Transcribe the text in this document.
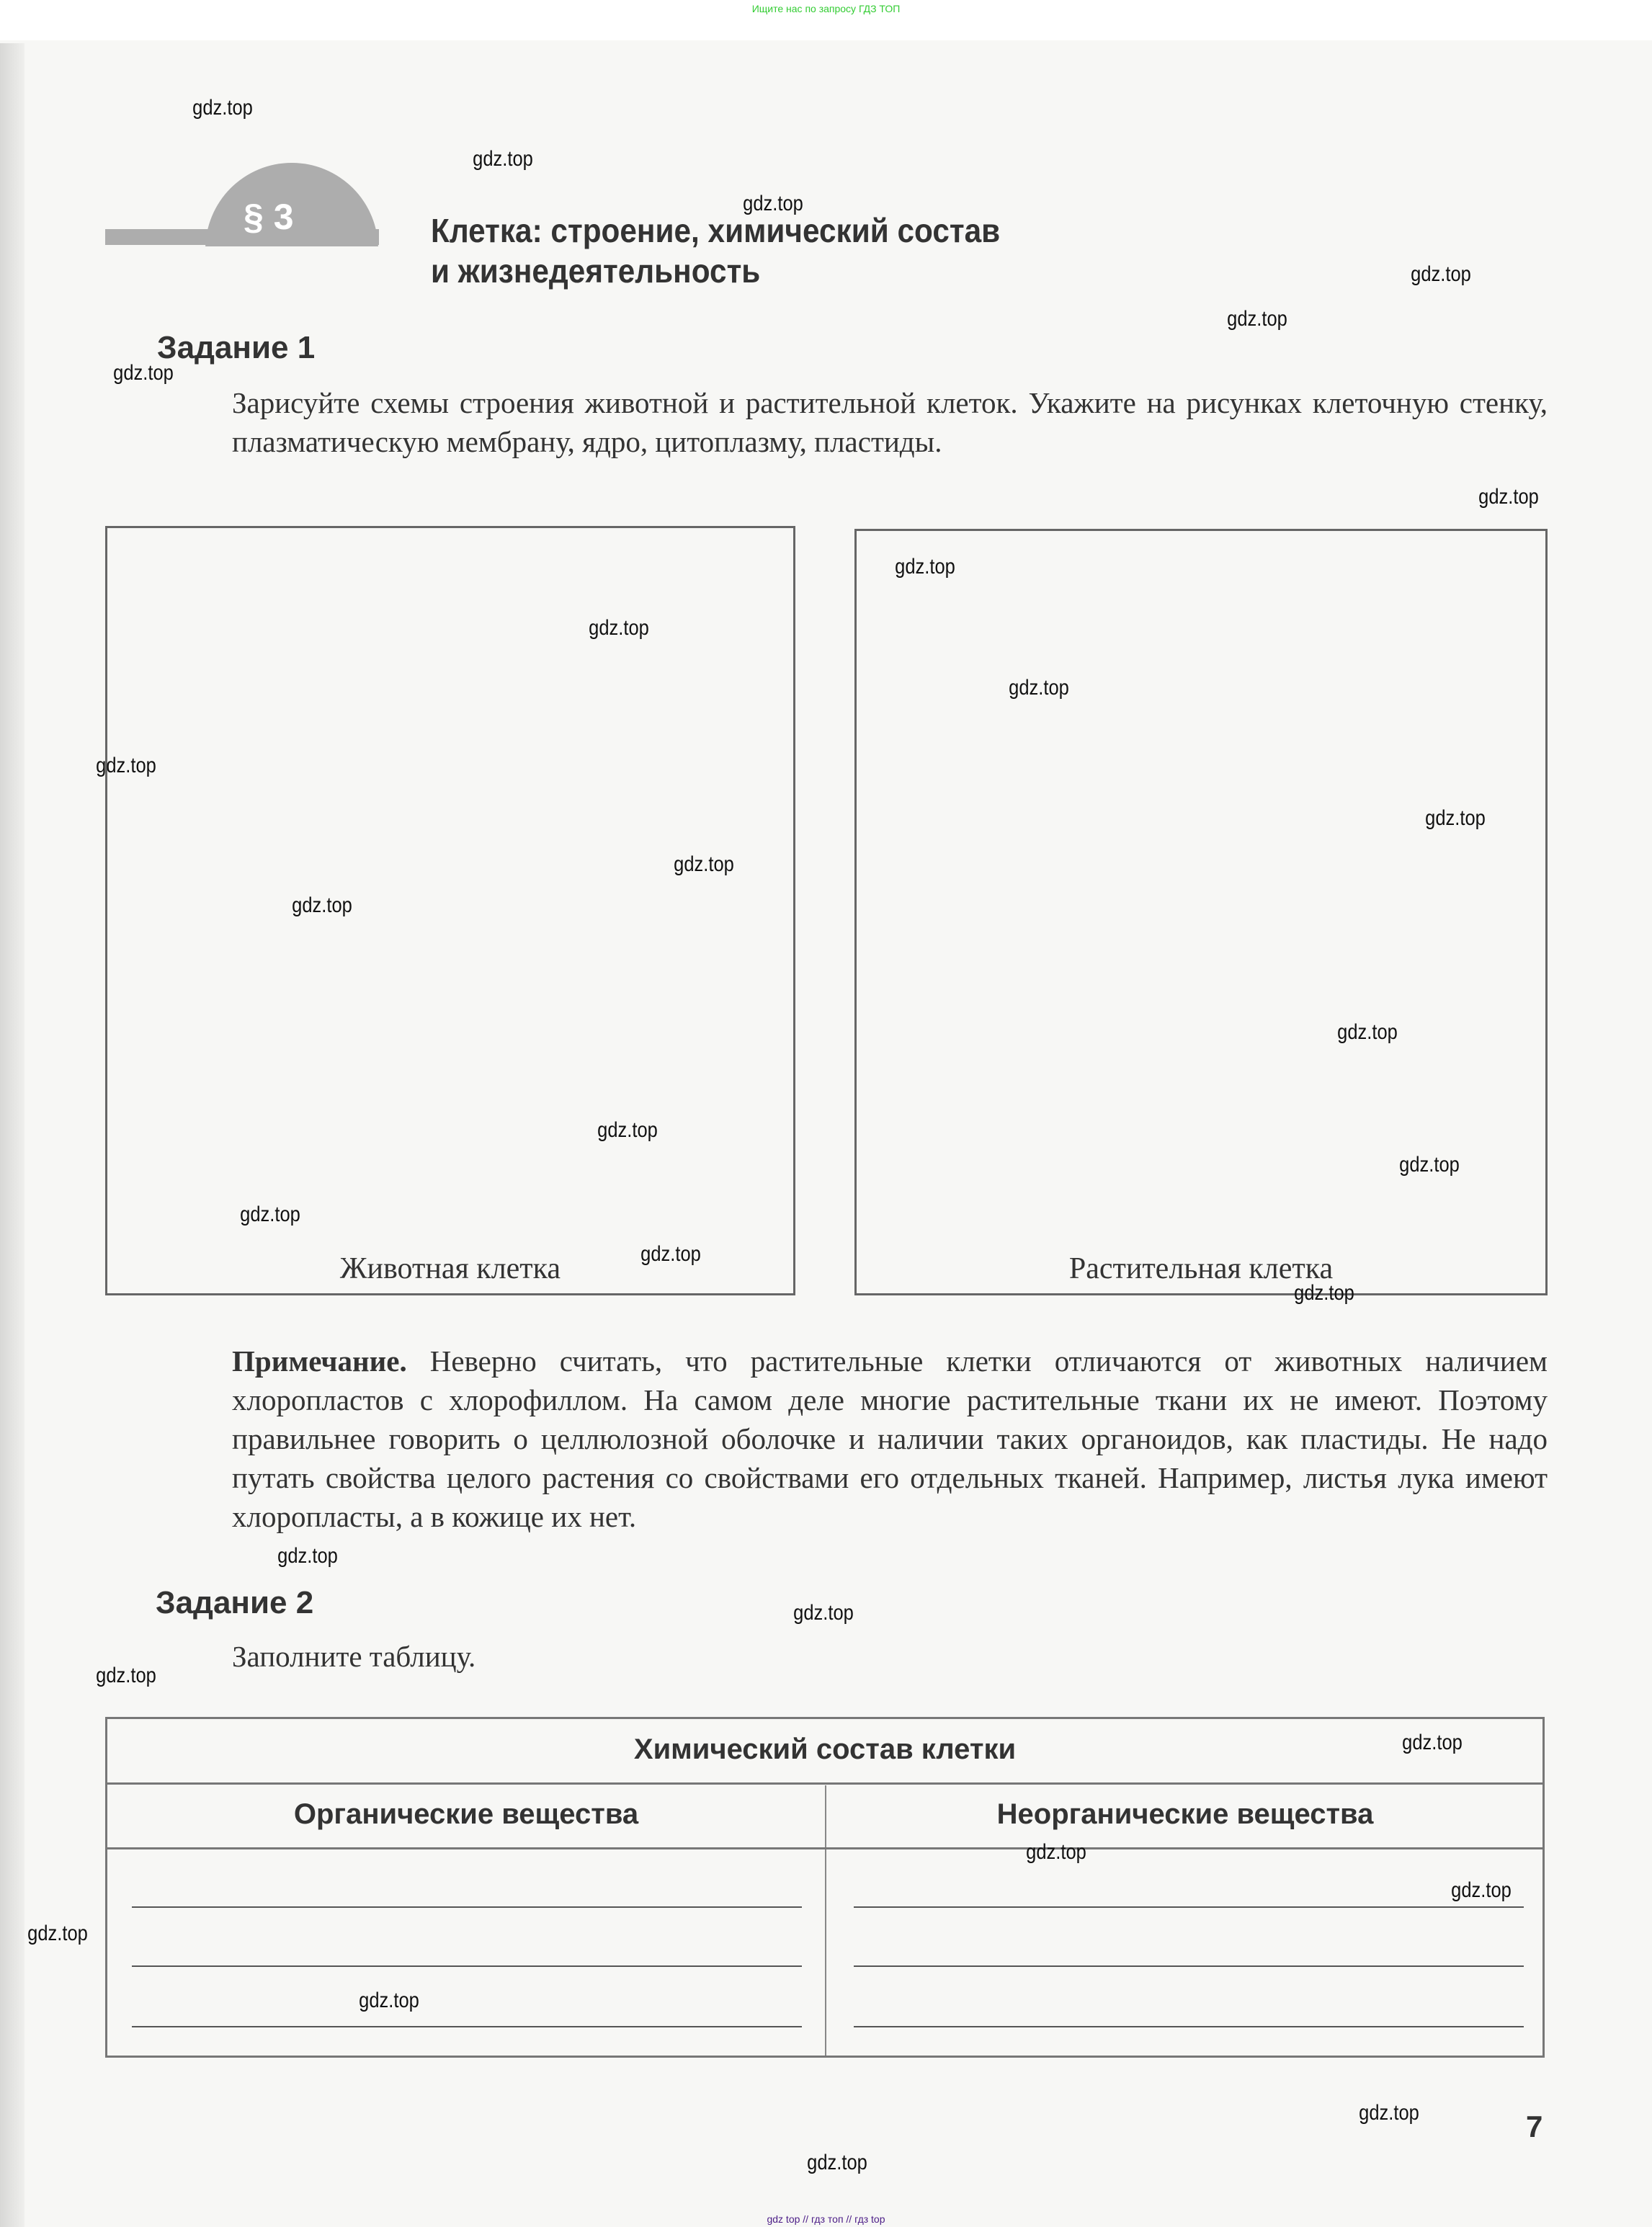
Ищите нас по запросу ГДЗ ТОП
§ 3	Клетка: строение, химический состав
и жизнедеятельность
Задание 1
Зарисуйте схемы строения животной и растительной клеток. Укажите на рисунках клеточную стенку, плазматическую мембрану, ядро, цитоплазму, пластиды.
Животная клетка	Растительная клетка
Примечание. Неверно считать, что растительные клетки отличаются от животных наличием хлоропластов с хлорофиллом. На самом деле многие растительные ткани их не имеют. Поэтому правильнее говорить о целлюлозной оболочке и наличии таких органоидов, как пластиды. Не надо путать свойства целого растения со свойствами его отдельных тканей. Например, листья лука имеют хлоропласты, а в кожице их нет.
Задание 2
Заполните таблицу.
Химический состав клетки
Органические вещества	Неорганические вещества
7
gdz top // гдз топ // гдз top
gdz.top
gdz.top
gdz.top
gdz.top
gdz.top
gdz.top
gdz.top
gdz.top
gdz.top
gdz.top
gdz.top
gdz.top
gdz.top
gdz.top
gdz.top
gdz.top
gdz.top
gdz.top
gdz.top
gdz.top
gdz.top
gdz.top
gdz.top
gdz.top
gdz.top
gdz.top
gdz.top
gdz.top
gdz.top
gdz.top
